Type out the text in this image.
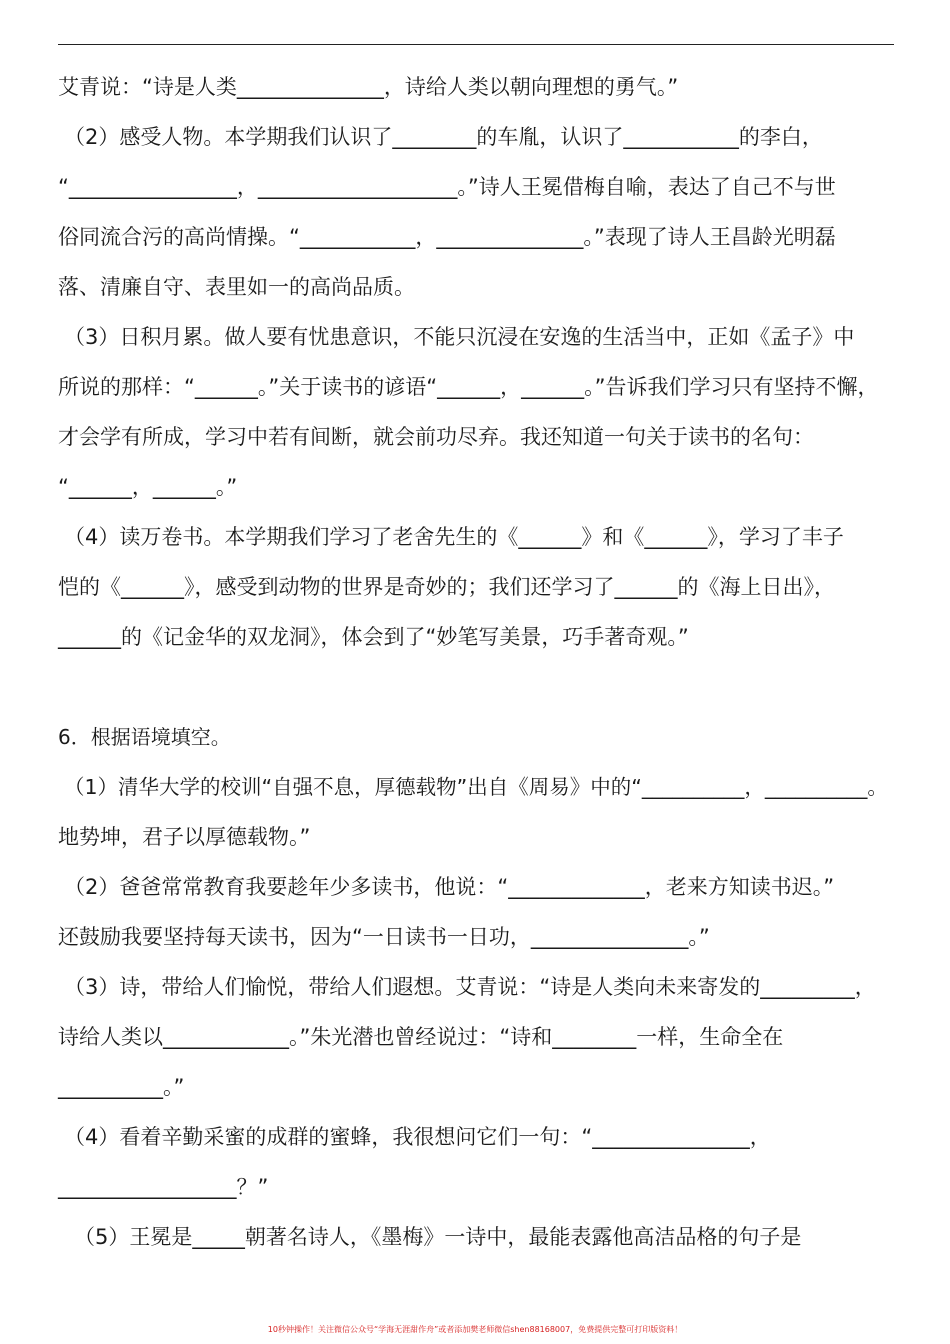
艾青说：“诗是人类______________，诗给人类以朝向理想的勇气。”
（2）感受人物。本学期我们认识了________的车胤，认识了___________的李白，
“________________，___________________。”诗人王冕借梅自喻，表达了自己不与世
俗同流合污的高尚情操。“___________，______________。”表现了诗人王昌龄光明磊
落、清廉自守、表里如一的高尚品质。
（3）日积月累。做人要有忧患意识，不能只沉浸在安逸的生活当中，正如《孟子》中
所说的那样：“______。”关于读书的谚语“______，______。”告诉我们学习只有坚持不懈，
才会学有所成，学习中若有间断，就会前功尽弃。我还知道一句关于读书的名句：
“______，______。”
（4）读万卷书。本学期我们学习了老舍先生的《______》和《______》，学习了丰子
恺的《______》，感受到动物的世界是奇妙的；我们还学习了______的《海上日出》，
______的《记金华的双龙洞》，体会到了“妙笔写美景，巧手著奇观。”
6．根据语境填空。
（1）清华大学的校训“自强不息，厚德载物”出自《周易》中的“__________，__________。
地势坤，君子以厚德载物。”
（2）爸爸常常教育我要趁年少多读书，他说：“_____________，老来方知读书迟。”
还鼓励我要坚持每天读书，因为“一日读书一日功，_______________。”
（3）诗，带给人们愉悦，带给人们遐想。艾青说：“诗是人类向未来寄发的_________，
诗给人类以____________。”朱光潜也曾经说过：“诗和________一样，生命全在
__________。”
（4）看着辛勤采蜜的成群的蜜蜂，我很想问它们一句：“_______________，
_________________？”
（5）王冕是_____朝著名诗人，《墨梅》一诗中，最能表露他高洁品格的句子是
10秒钟操作！关注微信公众号“学海无涯甜作舟”或者添加樊老师微信shen88168007，免费提供完整可打印版资料！
